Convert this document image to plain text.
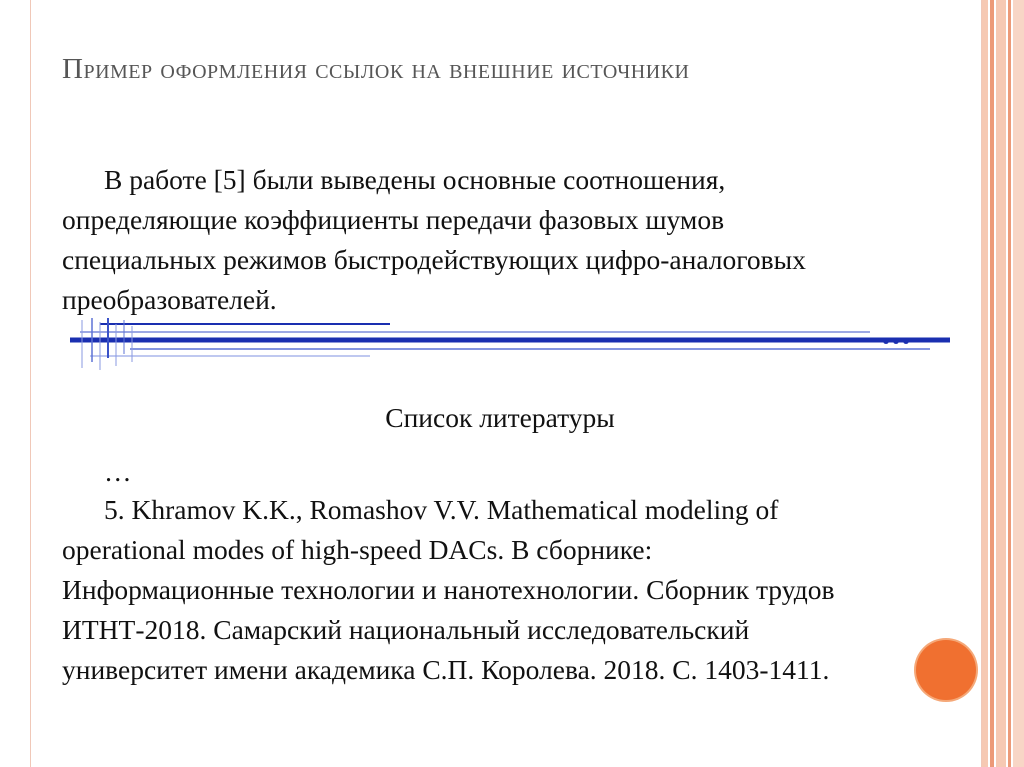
Пример оформления ссылок на внешние источники

В работе [5] были выведены основные соотношения, определяющие коэффициенты передачи фазовых шумов специальных режимов быстродействующих цифро-аналоговых преобразователей.

Список литературы

…

5. Khramov K.K., Romashov V.V. Mathematical modeling of operational modes of high-speed DACs. В сборнике: Информационные технологии и нанотехнологии. Сборник трудов ИТНТ-2018. Самарский национальный исследовательский университет имени академика С.П. Королева. 2018. С. 1403-1411.
